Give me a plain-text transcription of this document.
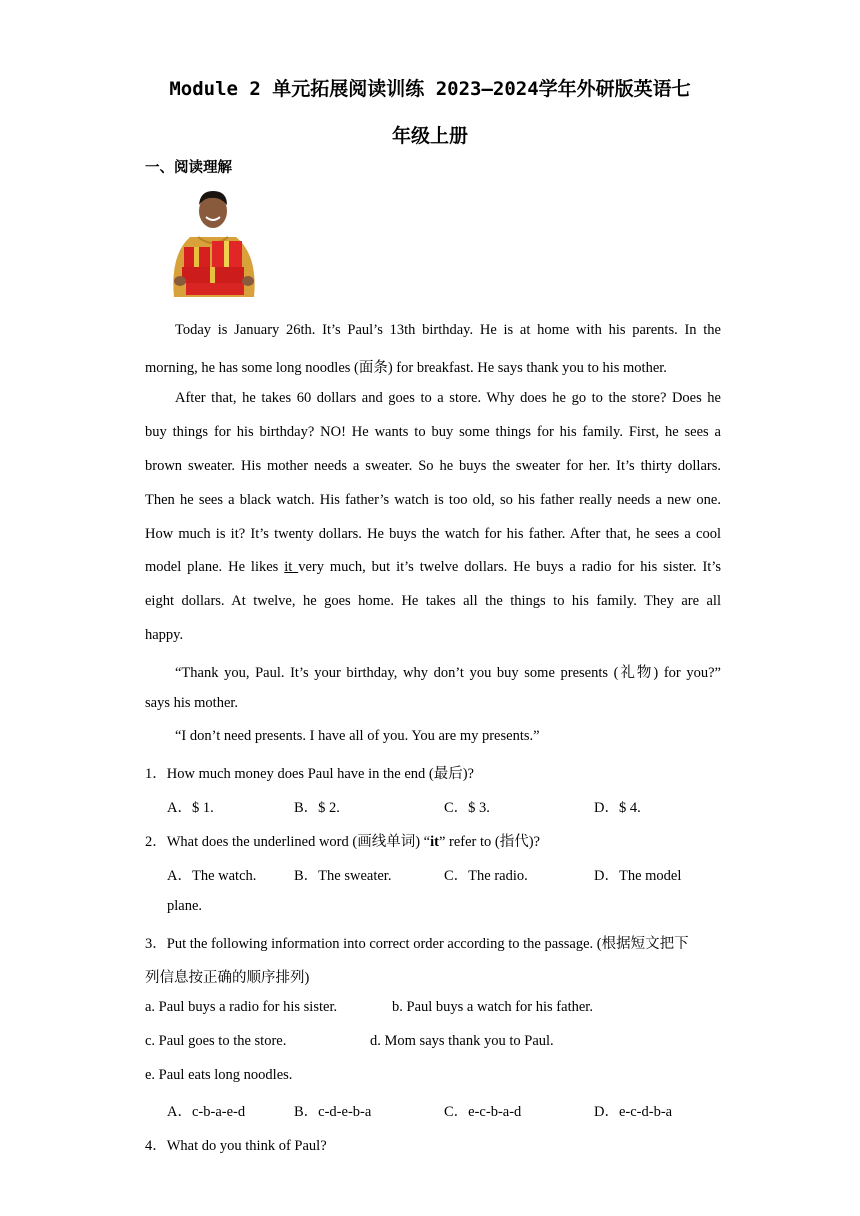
Module 2 单元拓展阅读训练 2023—2024学年外研版英语七
年级上册
一、阅读理解
Today is January 26th. It’s Paul’s 13th birthday. He is at home with his parents. In the
morning, he has some long noodles (面条) for breakfast. He says thank you to his mother.
After that, he takes 60 dollars and goes to a store. Why does he go to the store? Does he
buy things for his birthday? NO! He wants to buy some things for his family. First, he sees a
brown sweater. His mother needs a sweater. So he buys the sweater for her. It’s thirty dollars.
Then he sees a black watch. His father’s watch is too old, so his father really needs a new one.
How much is it? It’s twenty dollars. He buys the watch for his father. After that, he sees a cool
model plane. He likes it very much, but it’s twelve dollars. He buys a radio for his sister. It’s
eight dollars. At twelve, he goes home. He takes all the things to his family. They are all
happy.
“Thank you, Paul. It’s your birthday, why don’t you buy some presents (礼物) for you?”
says his mother.
“I don’t need presents. I have all of you. You are my presents.”
1．How much money does Paul have in the end (最后)?
A．$ 1.	B．$ 2.	C．$ 3.	D．$ 4.
2．What does the underlined word (画线单词) “it” refer to (指代)?
A．The watch.	B．The sweater.	C．The radio.	D．The model
plane.
3．Put the following information into correct order according to the passage. (根据短文把下
列信息按正确的顺序排列)
a. Paul buys a radio for his sister.	b. Paul buys a watch for his father.
c. Paul goes to the store.	d. Mom says thank you to Paul.
e. Paul eats long noodles.
A．c-b-a-e-d	B．c-d-e-b-a	C．e-c-b-a-d	D．e-c-d-b-a
4．What do you think of Paul?
